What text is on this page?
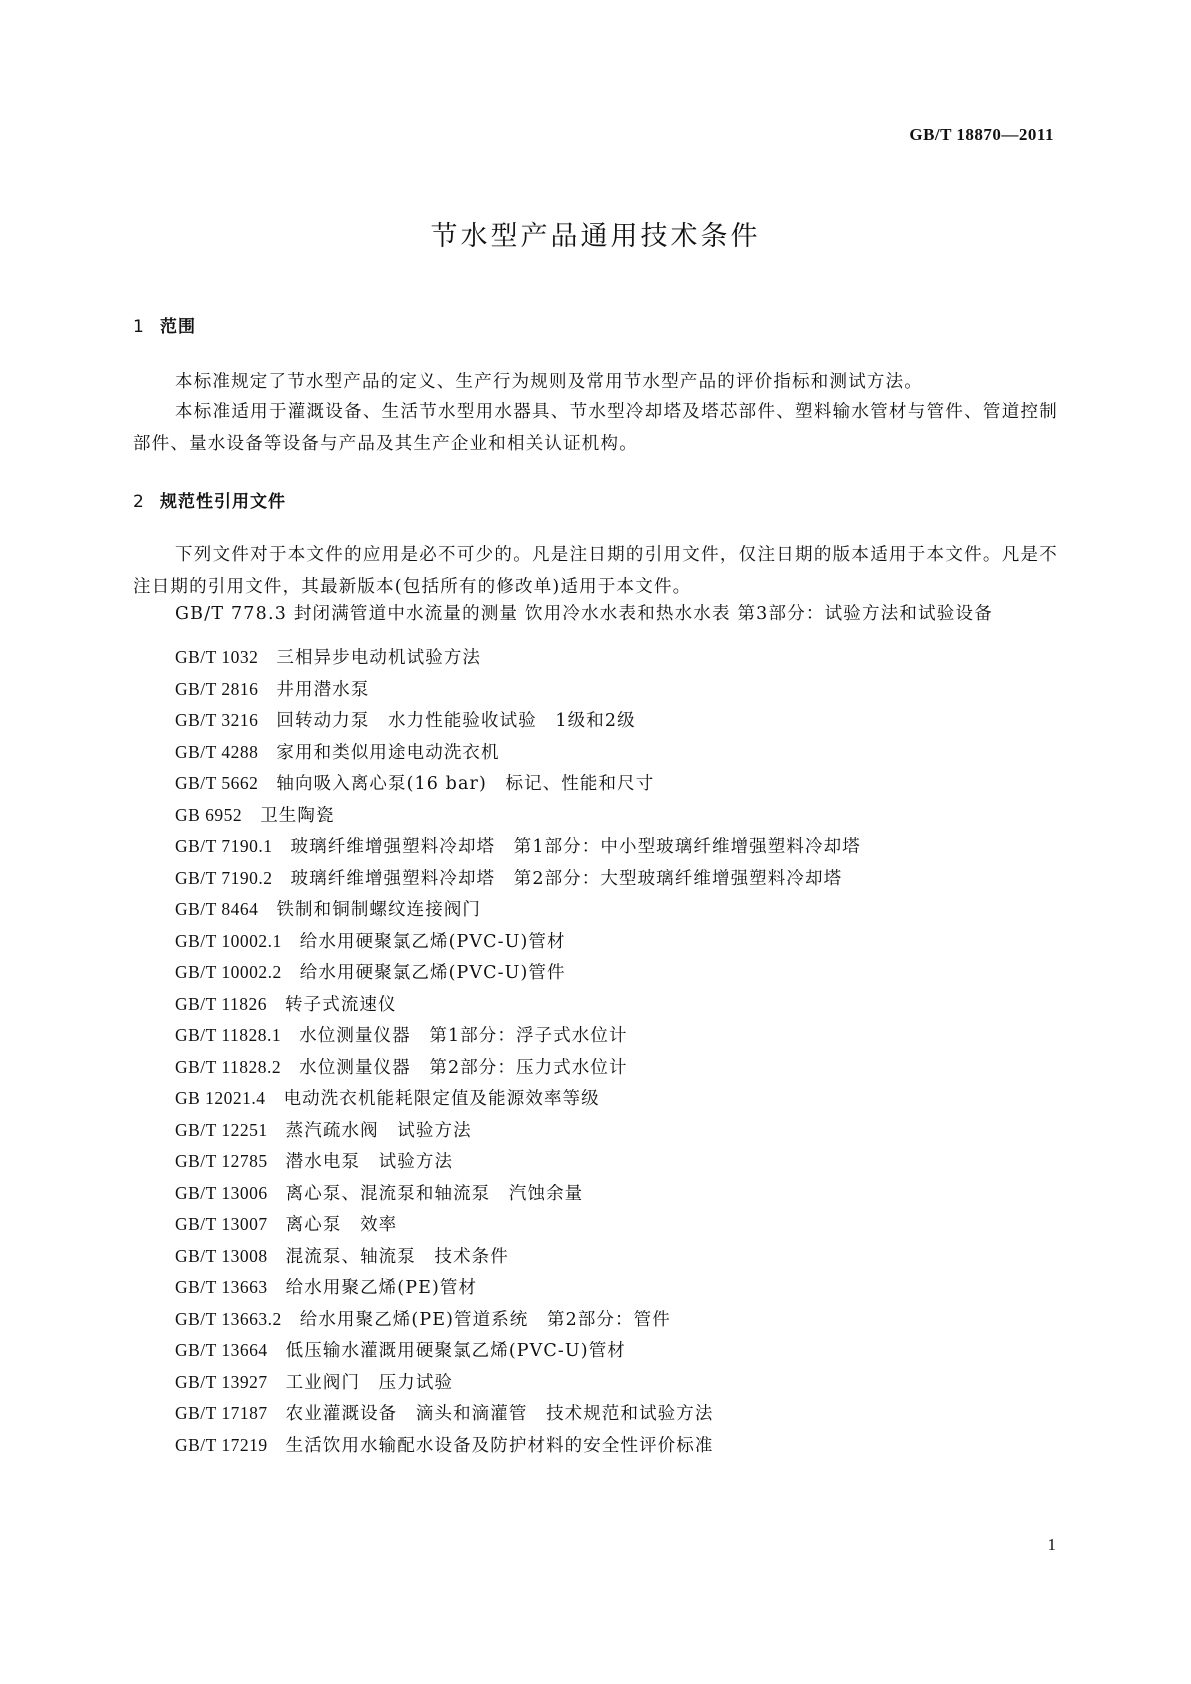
GB/T 18870—2011

节水型产品通用技术条件
1 范围

本标准规定了节水型产品的定义、生产行为规则及常用节水型产品的评价指标和测试方法。

本标准适用于灌溉设备、生活节水型用水器具、节水型冷却塔及塔芯部件、塑料输水管材与管件、管道控制部件、量水设备等设备与产品及其生产企业和相关认证机构。

2 规范性引用文件

下列文件对于本文件的应用是必不可少的。凡是注日期的引用文件，仅注日期的版本适用于本文件。凡是不注日期的引用文件，其最新版本(包括所有的修改单)适用于本文件。

GB/T 778.3 封闭满管道中水流量的测量 饮用冷水水表和热水水表 第3部分：试验方法和试验设备

GB/T 1032 三相异步电动机试验方法
GB/T 2816 井用潜水泵
GB/T 3216 回转动力泵　水力性能验收试验　1级和2级
GB/T 4288 家用和类似用途电动洗衣机
GB/T 5662 轴向吸入离心泵(16 bar)　标记、性能和尺寸
GB 6952 卫生陶瓷
GB/T 7190.1 玻璃纤维增强塑料冷却塔　第1部分：中小型玻璃纤维增强塑料冷却塔
GB/T 7190.2 玻璃纤维增强塑料冷却塔　第2部分：大型玻璃纤维增强塑料冷却塔
GB/T 8464 铁制和铜制螺纹连接阀门
GB/T 10002.1 给水用硬聚氯乙烯(PVC-U)管材
GB/T 10002.2 给水用硬聚氯乙烯(PVC-U)管件
GB/T 11826 转子式流速仪
GB/T 11828.1 水位测量仪器　第1部分：浮子式水位计
GB/T 11828.2 水位测量仪器　第2部分：压力式水位计
GB 12021.4 电动洗衣机能耗限定值及能源效率等级
GB/T 12251 蒸汽疏水阀　试验方法
GB/T 12785 潜水电泵　试验方法
GB/T 13006 离心泵、混流泵和轴流泵　汽蚀余量
GB/T 13007 离心泵　效率
GB/T 13008 混流泵、轴流泵　技术条件
GB/T 13663 给水用聚乙烯(PE)管材
GB/T 13663.2 给水用聚乙烯(PE)管道系统　第2部分：管件
GB/T 13664 低压输水灌溉用硬聚氯乙烯(PVC-U)管材
GB/T 13927 工业阀门　压力试验
GB/T 17187 农业灌溉设备　滴头和滴灌管　技术规范和试验方法
GB/T 17219 生活饮用水输配水设备及防护材料的安全性评价标准

1
